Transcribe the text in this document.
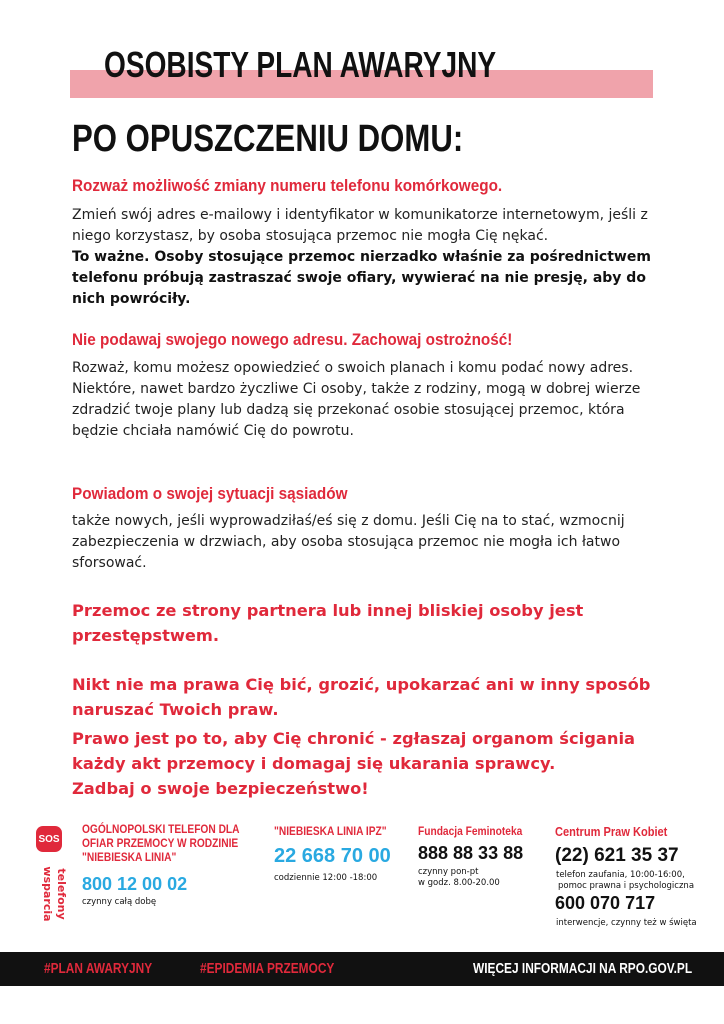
OSOBISTY PLAN AWARYJNY
PO OPUSZCZENIU DOMU:
Rozważ możliwość zmiany numeru telefonu komórkowego.
Zmień swój adres e-mailowy i identyfikator w komunikatorze internetowym, jeśli z niego korzystasz, by osoba stosująca przemoc nie mogła Cię nękać.
To ważne. Osoby stosujące przemoc nierzadko właśnie za pośrednictwem telefonu próbują zastraszać swoje ofiary, wywierać na nie presję, aby do nich powróciły.
Nie podawaj swojego nowego adresu. Zachowaj ostrożność!
Rozważ, komu możesz opowiedzieć o swoich planach i komu podać nowy adres.
Niektóre, nawet bardzo życzliwe Ci osoby, także z rodziny, mogą w dobrej wierze zdradzić twoje plany lub dadzą się przekonać osobie stosującej przemoc, która będzie chciała namówić Cię do powrotu.
Powiadom o swojej sytuacji sąsiadów
także nowych, jeśli wyprowadziłaś/eś się z domu. Jeśli Cię na to stać, wzmocnij zabezpieczenia w drzwiach, aby osoba stosująca przemoc nie mogła ich łatwo sforsować.
Przemoc ze strony partnera lub innej bliskiej osoby jest przestępstwem.
Nikt nie ma prawa Cię bić, grozić, upokarzać ani w inny sposób naruszać Twoich praw.
Prawo jest po to, aby Cię chronić - zgłaszaj organom ścigania każdy akt przemocy i domagaj się ukarania sprawcy.
Zadbaj o swoje bezpieczeństwo!
SOS
telefony
wsparcia
OGÓLNOPOLSKI TELEFON DLA OFIAR PRZEMOCY W RODZINIE "NIEBIESKA LINIA"
800 12 00 02
czynny całą dobę
"NIEBIESKA LINIA IPZ"
22 668 70 00
codziennie 12:00 -18:00
Fundacja Feminoteka
888 88 33 88
czynny pon-pt
w godz. 8.00-20.00
Centrum Praw Kobiet
(22) 621 35 37
telefon zaufania, 10:00-16:00,
pomoc prawna i psychologiczna
600 070 717
interwencje, czynny też w święta
#PLAN AWARYJNY	#EPIDEMIA PRZEMOCY	WIĘCEJ INFORMACJI NA RPO.GOV.PL
